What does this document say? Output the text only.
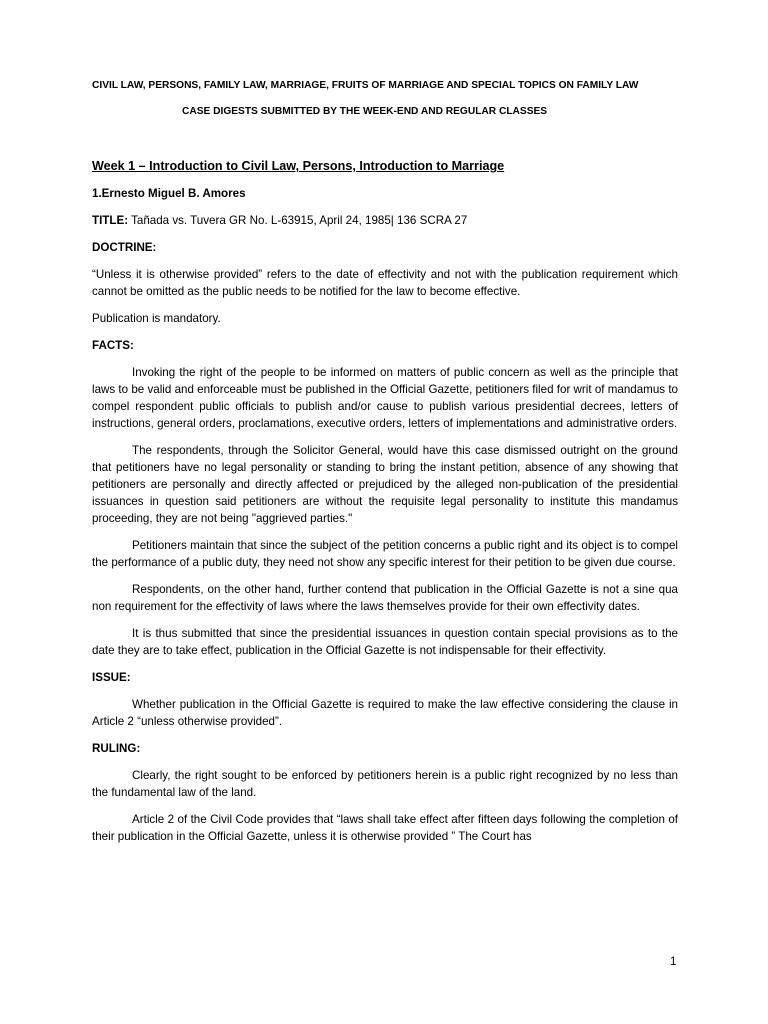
CIVIL LAW, PERSONS, FAMILY LAW, MARRIAGE, FRUITS OF MARRIAGE AND SPECIAL TOPICS ON FAMILY LAW
CASE DIGESTS SUBMITTED BY THE WEEK-END AND REGULAR CLASSES

Week 1 – Introduction to Civil Law, Persons, Introduction to Marriage

1.Ernesto Miguel B. Amores

TITLE: Tañada vs. Tuvera GR No. L-63915, April 24, 1985| 136 SCRA 27

DOCTRINE:

“Unless it is otherwise provided” refers to the date of effectivity and not with the publication requirement which cannot be omitted as the public needs to be notified for the law to become effective.

Publication is mandatory.

FACTS:

Invoking the right of the people to be informed on matters of public concern as well as the principle that laws to be valid and enforceable must be published in the Official Gazette, petitioners filed for writ of mandamus to compel respondent public officials to publish and/or cause to publish various presidential decrees, letters of instructions, general orders, proclamations, executive orders, letters of implementations and administrative orders.

The respondents, through the Solicitor General, would have this case dismissed outright on the ground that petitioners have no legal personality or standing to bring the instant petition, absence of any showing that petitioners are personally and directly affected or prejudiced by the alleged non-publication of the presidential issuances in question said petitioners are without the requisite legal personality to institute this mandamus proceeding, they are not being "aggrieved parties."

Petitioners maintain that since the subject of the petition concerns a public right and its object is to compel the performance of a public duty, they need not show any specific interest for their petition to be given due course.

Respondents, on the other hand, further contend that publication in the Official Gazette is not a sine qua non requirement for the effectivity of laws where the laws themselves provide for their own effectivity dates.

It is thus submitted that since the presidential issuances in question contain special provisions as to the date they are to take effect, publication in the Official Gazette is not indispensable for their effectivity.

ISSUE:

Whether publication in the Official Gazette is required to make the law effective considering the clause in Article 2 “unless otherwise provided”.

RULING:

Clearly, the right sought to be enforced by petitioners herein is a public right recognized by no less than the fundamental law of the land.

Article 2 of the Civil Code provides that “laws shall take effect after fifteen days following the completion of their publication in the Official Gazette, unless it is otherwise provided ” The Court has

1
